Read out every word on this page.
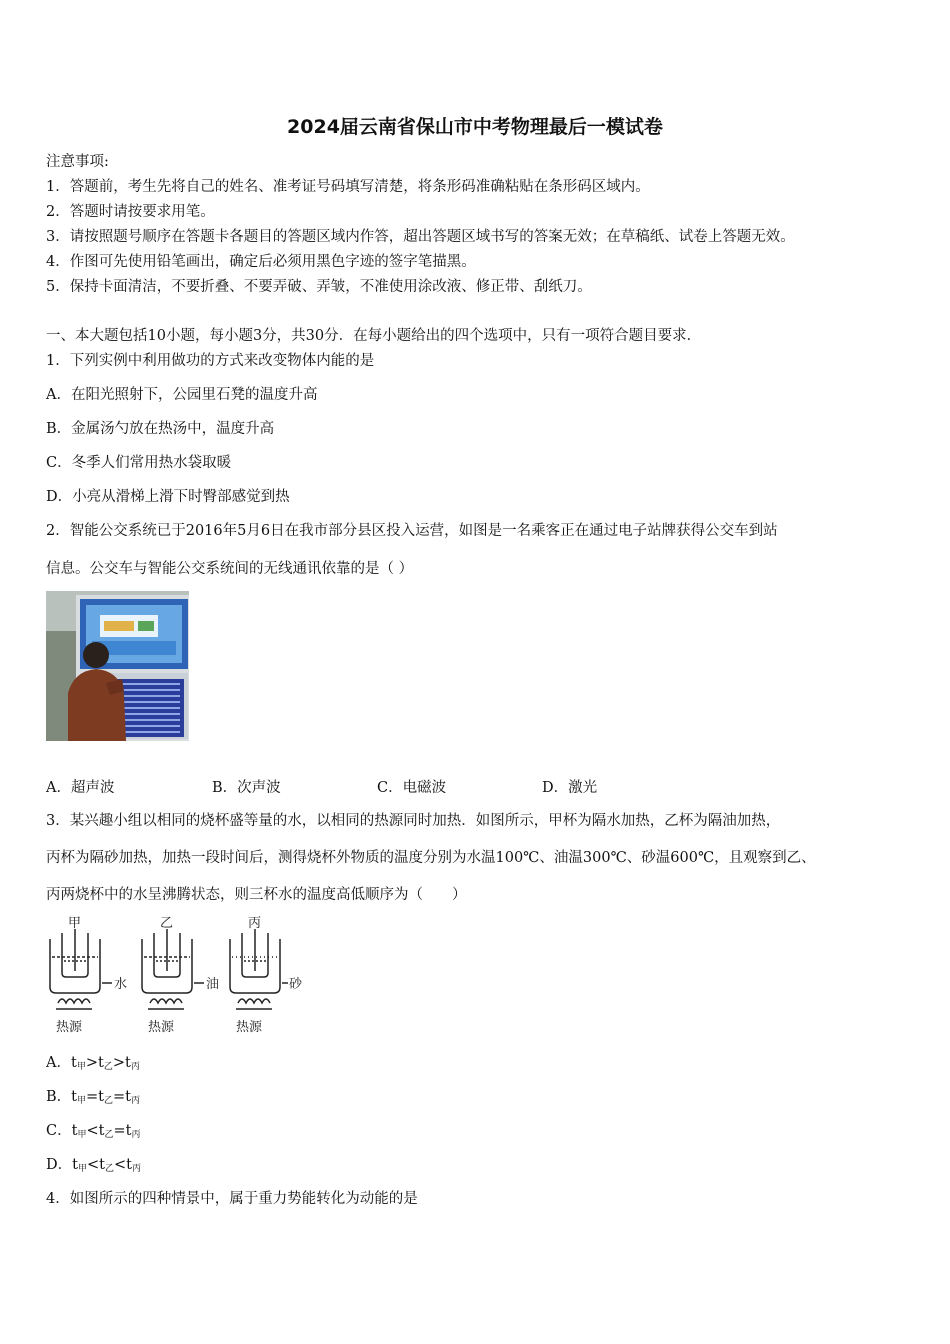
2024届云南省保山市中考物理最后一模试卷
注意事项:
1．答题前，考生先将自己的姓名、准考证号码填写清楚，将条形码准确粘贴在条形码区域内。
2．答题时请按要求用笔。
3．请按照题号顺序在答题卡各题目的答题区域内作答，超出答题区域书写的答案无效；在草稿纸、试卷上答题无效。
4．作图可先使用铅笔画出，确定后必须用黑色字迹的签字笔描黑。
5．保持卡面清洁，不要折叠、不要弄破、弄皱，不准使用涂改液、修正带、刮纸刀。
一、本大题包括10小题，每小题3分，共30分．在每小题给出的四个选项中，只有一项符合题目要求．
1．下列实例中利用做功的方式来改变物体内能的是
A．在阳光照射下，公园里石凳的温度升高
B．金属汤勺放在热汤中，温度升高
C．冬季人们常用热水袋取暖
D．小亮从滑梯上滑下时臀部感觉到热
2．智能公交系统已于2016年5月6日在我市部分县区投入运营，如图是一名乘客正在通过电子站牌获得公交车到站
信息。公交车与智能公交系统间的无线通讯依靠的是（ ）
A．超声波	B．次声波	C．电磁波	D．激光
3．某兴趣小组以相同的烧杯盛等量的水，以相同的热源同时加热．如图所示，甲杯为隔水加热，乙杯为隔油加热，
丙杯为隔砂加热，加热一段时间后，测得烧杯外物质的温度分别为水温100℃、油温300℃、砂温600℃，且观察到乙、
丙两烧杯中的水呈沸腾状态，则三杯水的温度高低顺序为（　　）
甲
水
热源
乙
油
热源
丙
砂
热源
A．$t_甲>t_乙>t_丙$
B．$t_甲=t_乙=t_丙$
C．$t_甲<t_乙=t_丙$
D．$t_甲<t_乙<t_丙$
4．如图所示的四种情景中，属于重力势能转化为动能的是
